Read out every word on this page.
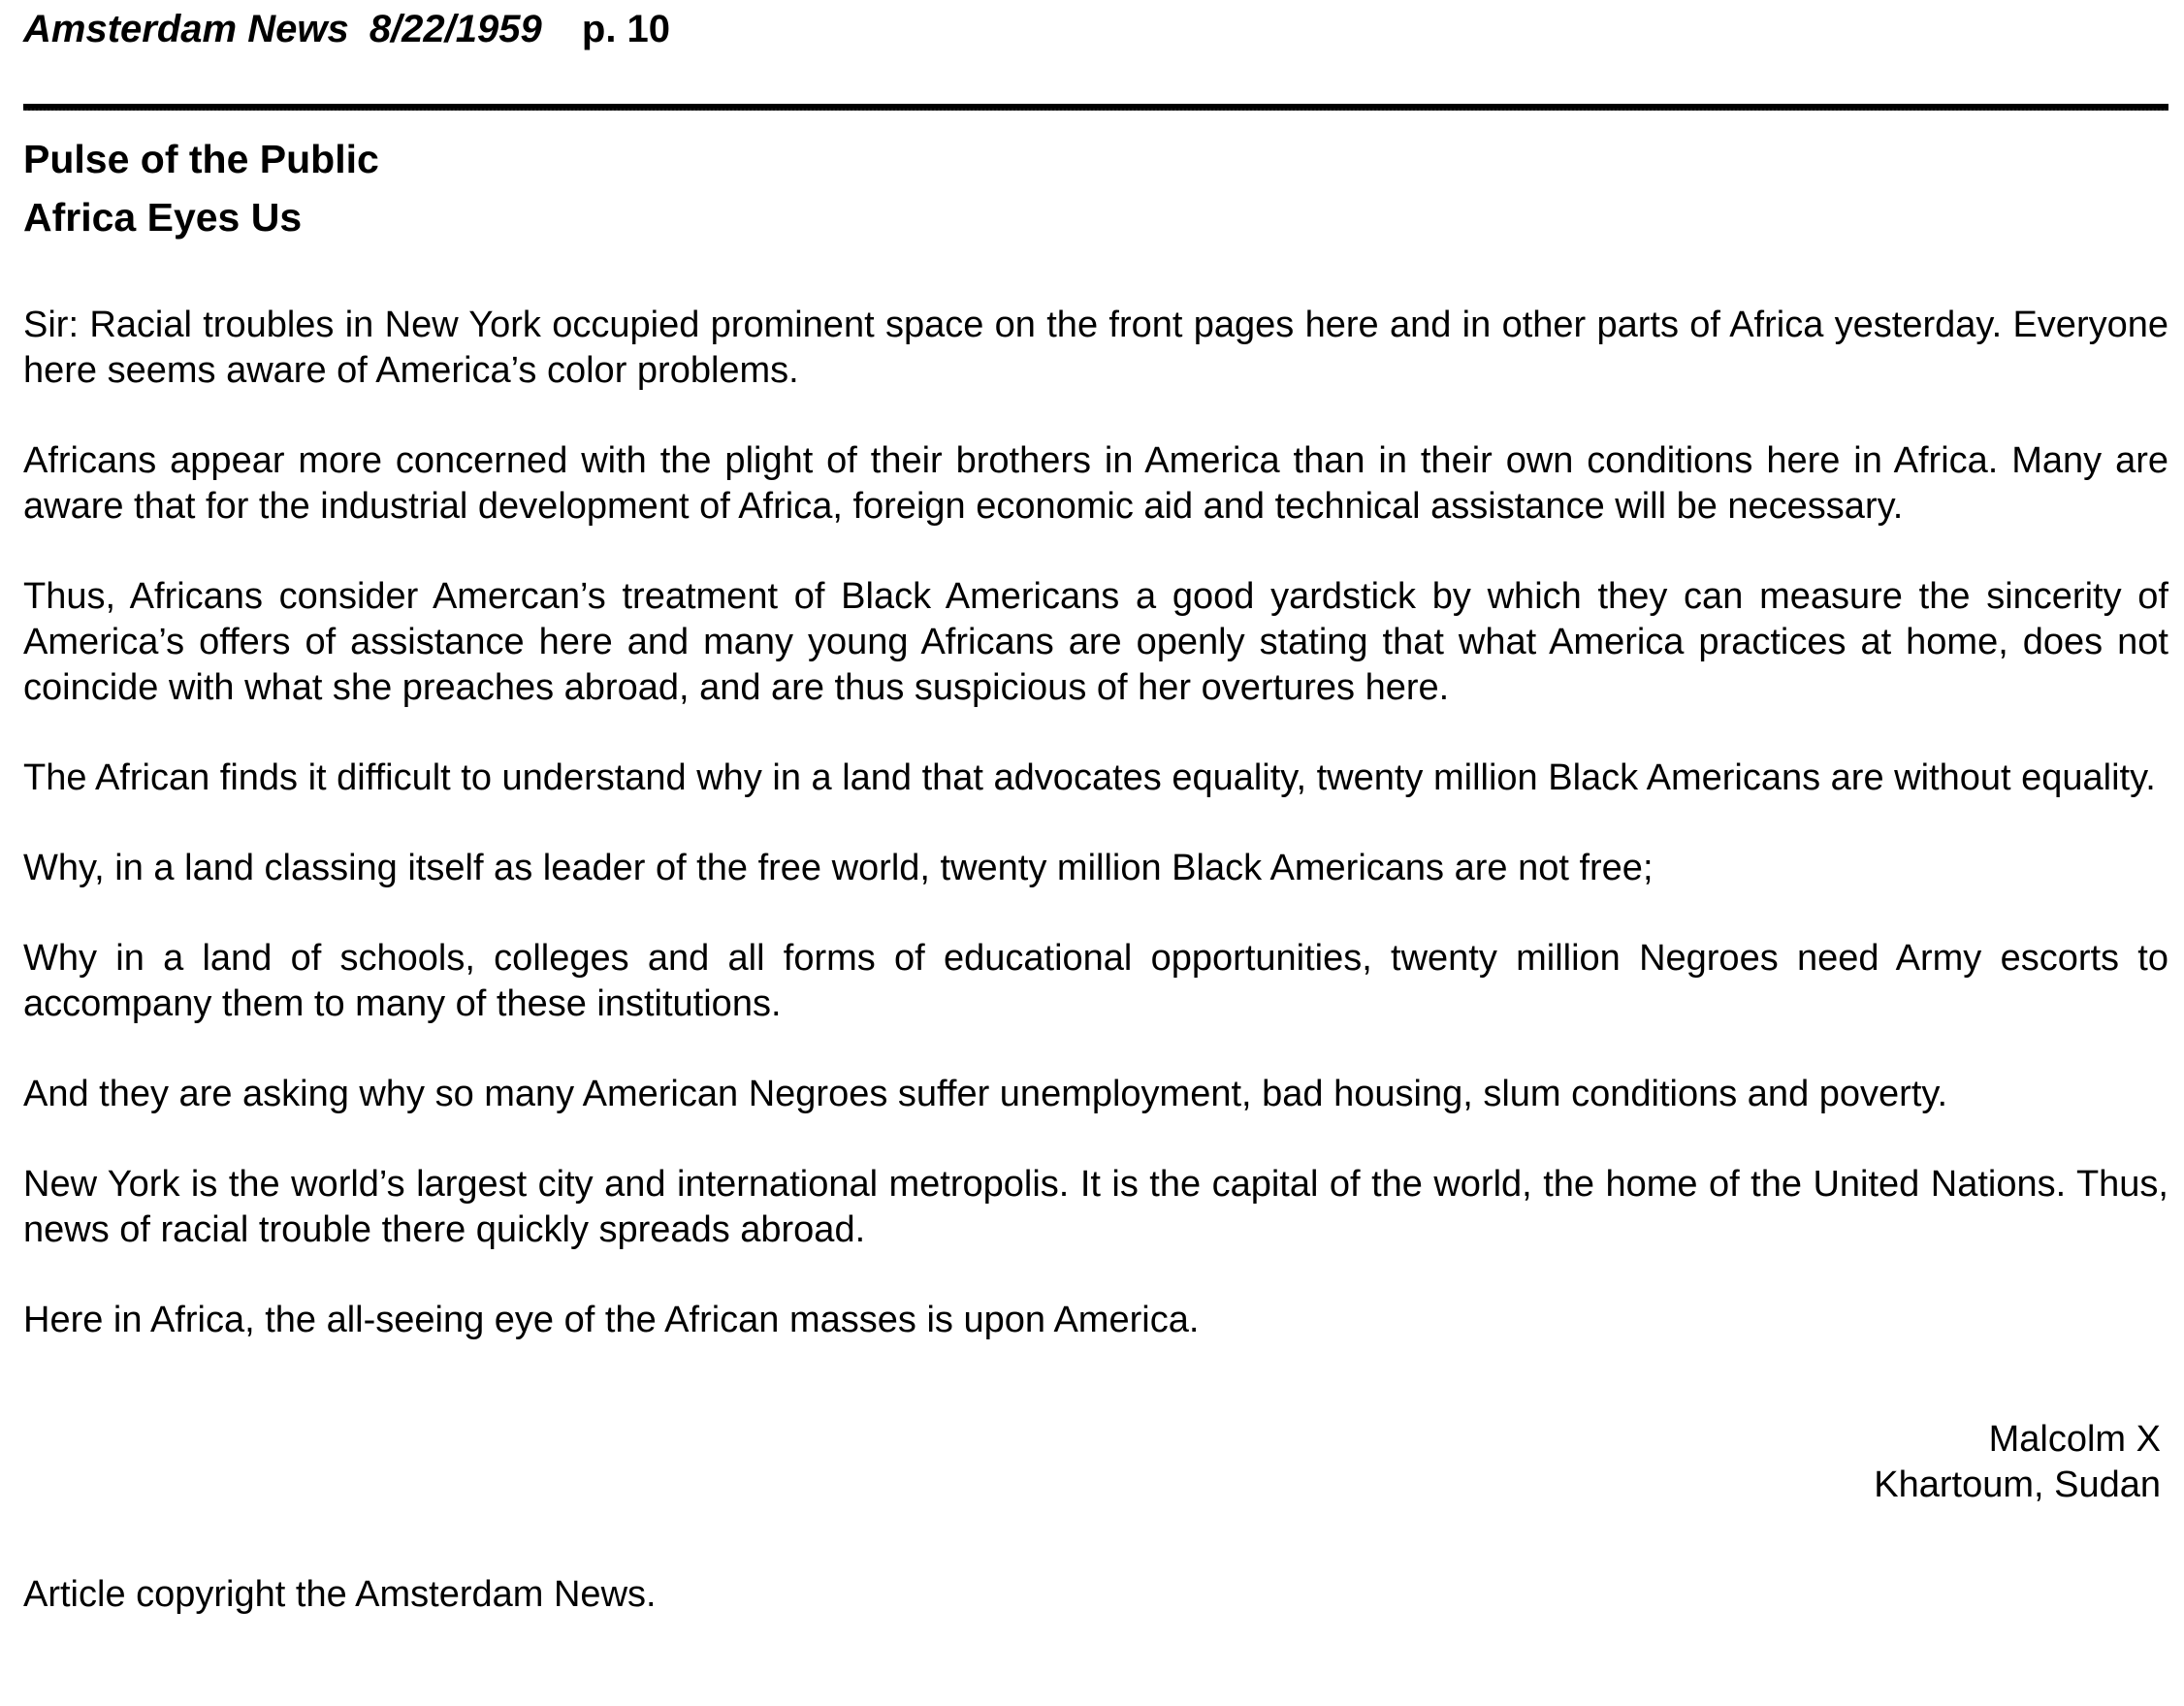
Amsterdam News 8/22/1959 p. 10
Pulse of the Public
Africa Eyes Us

Sir: Racial troubles in New York occupied prominent space on the front pages here and in other parts of Africa yesterday. Everyone here seems aware of America’s color problems.

Africans appear more concerned with the plight of their brothers in America than in their own conditions here in Africa. Many are aware that for the industrial development of Africa, foreign economic aid and technical assistance will be necessary.

Thus, Africans consider Amercan’s treatment of Black Americans a good yardstick by which they can measure the sincerity of America’s offers of assistance here and many young Africans are openly stating that what America practices at home, does not coincide with what she preaches abroad, and are thus suspicious of her overtures here.

The African finds it difficult to understand why in a land that advocates equality, twenty million Black Americans are without equality.

Why, in a land classing itself as leader of the free world, twenty million Black Americans are not free;

Why in a land of schools, colleges and all forms of educational opportunities, twenty million Negroes need Army escorts to accompany them to many of these institutions.

And they are asking why so many American Negroes suffer unemployment, bad housing, slum conditions and poverty.

New York is the world’s largest city and international metropolis. It is the capital of the world, the home of the United Nations. Thus, news of racial trouble there quickly spreads abroad.

Here in Africa, the all-seeing eye of the African masses is upon America.

Malcolm X
Khartoum, Sudan
Article copyright the Amsterdam News.
